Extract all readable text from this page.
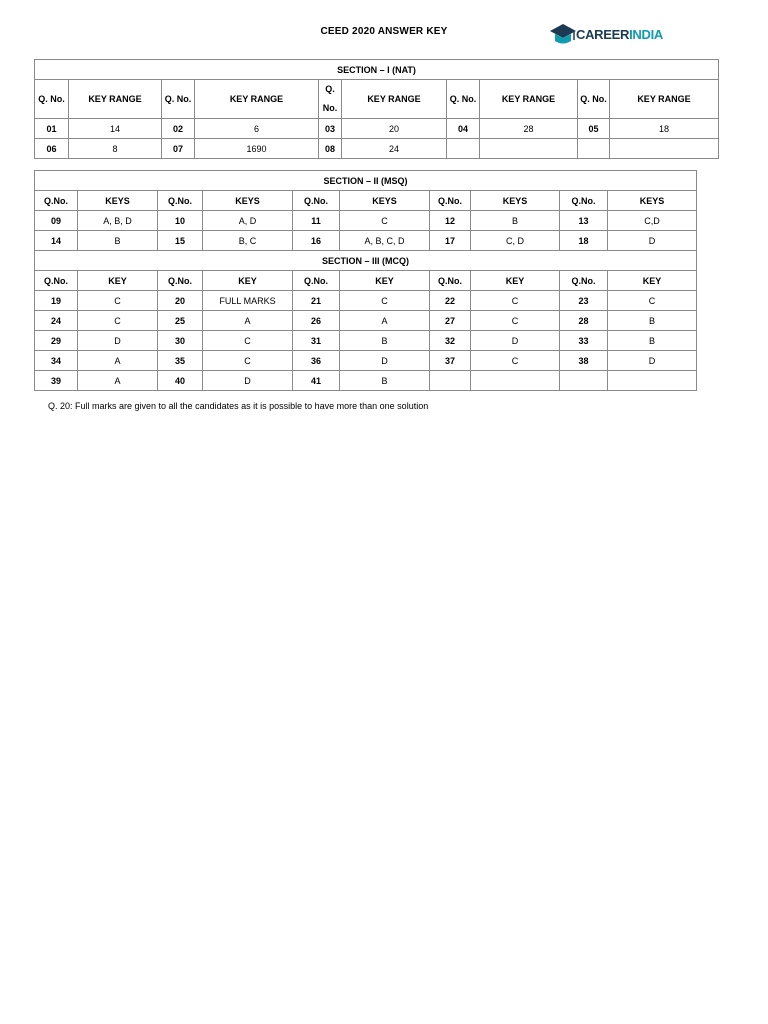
CEED 2020 ANSWER KEY	CAREERINDIA
SECTION – I (NAT)									
Q. No.	KEY RANGE	Q. No.	KEY RANGE	Q. No.	KEY RANGE	Q. No.	KEY RANGE	Q. No.	KEY RANGE
01	14	02	6	03	20	04	28	05	18
06	8	07	1690	08	24				
SECTION – II (MSQ)									
Q.No.	KEYS	Q.No.	KEYS	Q.No.	KEYS	Q.No.	KEYS	Q.No.	KEYS
09	A, B, D	10	A, D	11	C	12	B	13	C,D
14	B	15	B, C	16	A, B, C, D	17	C, D	18	D
SECTION – III (MCQ)									
Q.No.	KEY	Q.No.	KEY	Q.No.	KEY	Q.No.	KEY	Q.No.	KEY
19	C	20	FULL MARKS	21	C	22	C	23	C
24	C	25	A	26	A	27	C	28	B
29	D	30	C	31	B	32	D	33	B
34	A	35	C	36	D	37	C	38	D
39	A	40	D	41	B				
Q. 20: Full marks are given to all the candidates as it is possible to have more than one solution
